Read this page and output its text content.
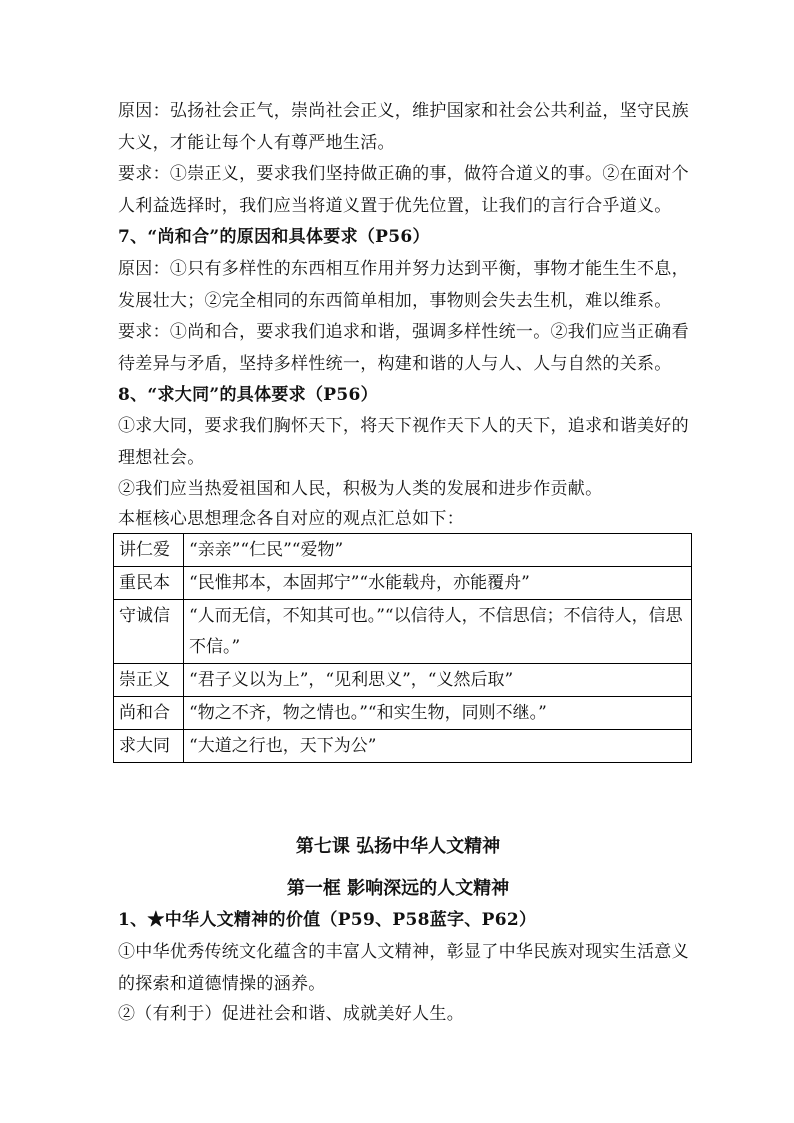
原因：弘扬社会正气，崇尚社会正义，维护国家和社会公共利益，坚守民族大义，才能让每个人有尊严地生活。

要求：①崇正义，要求我们坚持做正确的事，做符合道义的事。②在面对个人利益选择时，我们应当将道义置于优先位置，让我们的言行合乎道义。

7、“尚和合”的原因和具体要求（P56）

原因：①只有多样性的东西相互作用并努力达到平衡，事物才能生生不息，发展壮大；②完全相同的东西简单相加，事物则会失去生机，难以维系。

要求：①尚和合，要求我们追求和谐，强调多样性统一。②我们应当正确看待差异与矛盾，坚持多样性统一，构建和谐的人与人、人与自然的关系。

8、“求大同”的具体要求（P56）

①求大同，要求我们胸怀天下，将天下视作天下人的天下，追求和谐美好的理想社会。

②我们应当热爱祖国和人民，积极为人类的发展和进步作贡献。

本框核心思想理念各自对应的观点汇总如下：

讲仁爱	“亲亲”“仁民”“爱物”
重民本	“民惟邦本，本固邦宁”“水能载舟，亦能覆舟”
守诚信	“人而无信，不知其可也。”“以信待人，不信思信；不信待人，信思不信。”
崇正义	“君子义以为上”，“见利思义”，“义然后取”
尚和合	“物之不齐，物之情也。”“和实生物，同则不继。”
求大同	“大道之行也，天下为公”

第七课 弘扬中华人文精神

第一框 影响深远的人文精神

1、★中华人文精神的价值（P59、P58蓝字、P62）

①中华优秀传统文化蕴含的丰富人文精神，彰显了中华民族对现实生活意义的探索和道德情操的涵养。

②（有利于）促进社会和谐、成就美好人生。
